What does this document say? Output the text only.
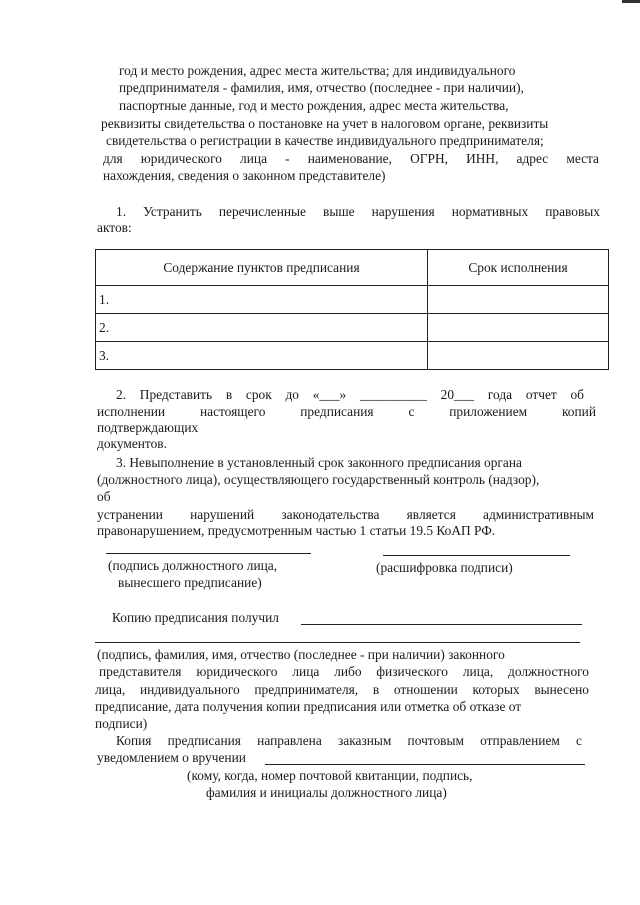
год и место рождения, адрес места жительства; для индивидуального
предпринимателя - фамилия, имя, отчество (последнее - при наличии),
паспортные данные, год и место рождения, адрес места жительства,
реквизиты свидетельства о постановке на учет в налоговом органе, реквизиты
свидетельства о регистрации в качестве индивидуального предпринимателя;
для юридического лица - наименование, ОГРН, ИНН, адрес места
нахождения, сведения о законном представителе)
1. Устранить перечисленные выше нарушения нормативных правовых
актов:
Содержание пунктов предписания	Срок исполнения
1.	
2.	
3.	
2. Представить в срок до «___» __________ 20___ года отчет об
исполнении настоящего предписания с приложением копий
подтверждающих
документов.
3. Невыполнение в установленный срок законного предписания органа
(должностного лица), осуществляющего государственный контроль (надзор),
об
устранении нарушений законодательства является административным
правонарушением, предусмотренным частью 1 статьи 19.5 КоАП РФ.
(подпись должностного лица,
вынесшего предписание)
(расшифровка подписи)
Копию предписания получил
(подпись, фамилия, имя, отчество (последнее - при наличии) законного
представителя юридического лица либо физического лица, должностного
лица, индивидуального предпринимателя, в отношении которых вынесено
предписание, дата получения копии предписания или отметка об отказе от
подписи)
Копия предписания направлена заказным почтовым отправлением с
уведомлением о вручении
(кому, когда, номер почтовой квитанции, подпись,
фамилия и инициалы должностного лица)
